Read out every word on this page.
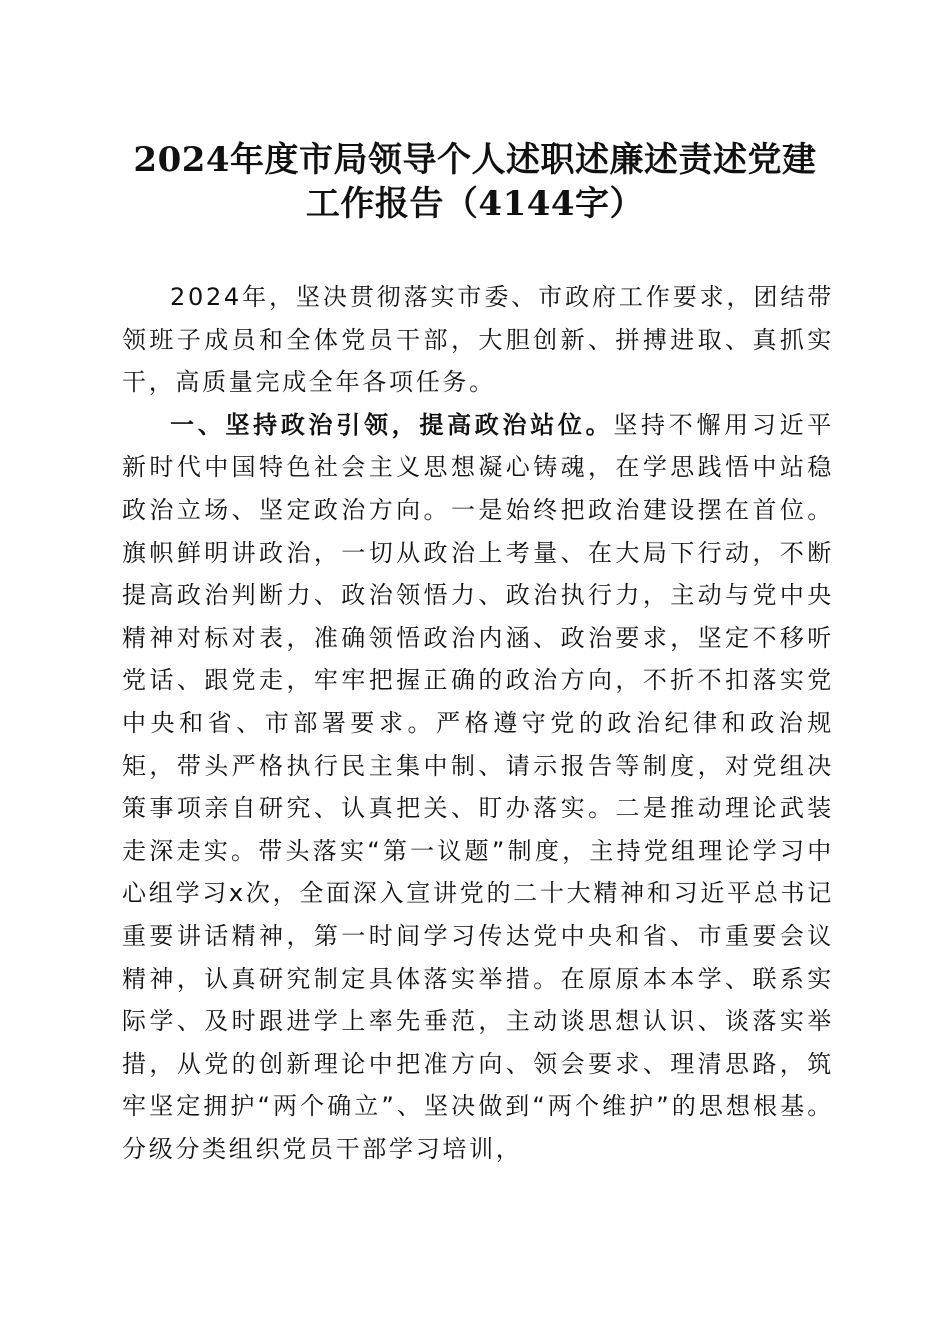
2024年度市局领导个人述职述廉述责述党建
工作报告（4144字）

2024年，坚决贯彻落实市委、市政府工作要求，团结带领班子成员和全体党员干部，大胆创新、拼搏进取、真抓实干，高质量完成全年各项任务。

一、坚持政治引领，提高政治站位。坚持不懈用习近平新时代中国特色社会主义思想凝心铸魂，在学思践悟中站稳政治立场、坚定政治方向。一是始终把政治建设摆在首位。旗帜鲜明讲政治，一切从政治上考量、在大局下行动，不断提高政治判断力、政治领悟力、政治执行力，主动与党中央精神对标对表，准确领悟政治内涵、政治要求，坚定不移听党话、跟党走，牢牢把握正确的政治方向，不折不扣落实党中央和省、市部署要求。严格遵守党的政治纪律和政治规矩，带头严格执行民主集中制、请示报告等制度，对党组决策事项亲自研究、认真把关、盯办落实。二是推动理论武装走深走实。带头落实“第一议题”制度，主持党组理论学习中心组学习x次，全面深入宣讲党的二十大精神和习近平总书记重要讲话精神，第一时间学习传达党中央和省、市重要会议精神，认真研究制定具体落实举措。在原原本本学、联系实际学、及时跟进学上率先垂范，主动谈思想认识、谈落实举措，从党的创新理论中把准方向、领会要求、理清思路，筑牢坚定拥护“两个确立”、坚决做到“两个维护”的思想根基。分级分类组织党员干部学习培训，
